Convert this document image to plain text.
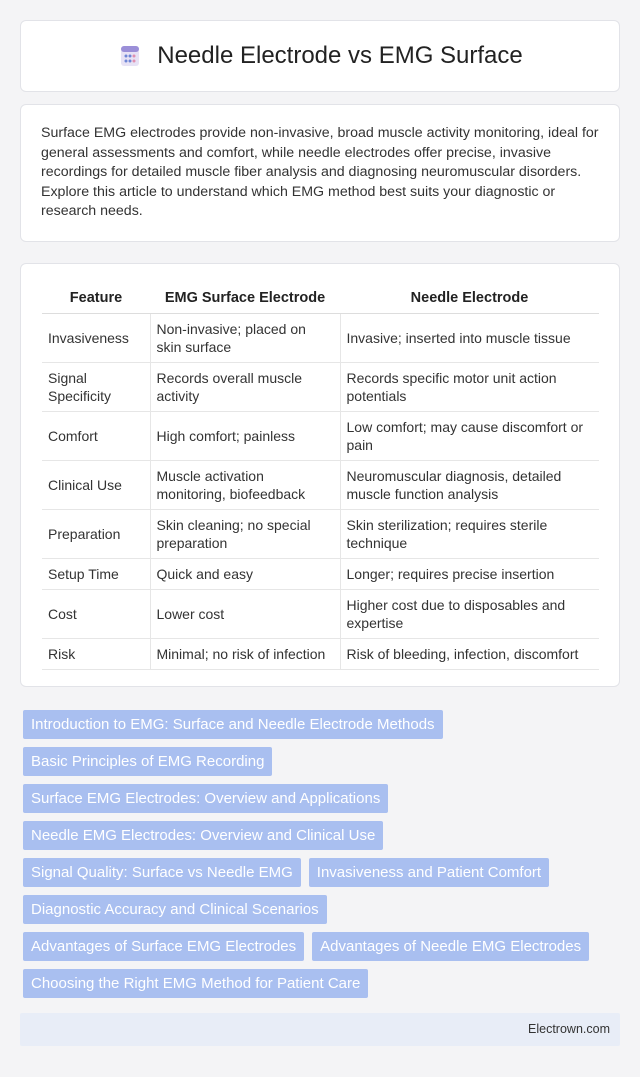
Needle Electrode vs EMG Surface

Surface EMG electrodes provide non-invasive, broad muscle activity monitoring, ideal for general assessments and comfort, while needle electrodes offer precise, invasive recordings for detailed muscle fiber analysis and diagnosing neuromuscular disorders. Explore this article to understand which EMG method best suits your diagnostic or research needs.

Feature	EMG Surface Electrode	Needle Electrode
Invasiveness	Non-invasive; placed on skin surface	Invasive; inserted into muscle tissue
Signal Specificity	Records overall muscle activity	Records specific motor unit action potentials
Comfort	High comfort; painless	Low comfort; may cause discomfort or pain
Clinical Use	Muscle activation monitoring, biofeedback	Neuromuscular diagnosis, detailed muscle function analysis
Preparation	Skin cleaning; no special preparation	Skin sterilization; requires sterile technique
Setup Time	Quick and easy	Longer; requires precise insertion
Cost	Lower cost	Higher cost due to disposables and expertise
Risk	Minimal; no risk of infection	Risk of bleeding, infection, discomfort
Introduction to EMG: Surface and Needle Electrode Methods
Basic Principles of EMG Recording
Surface EMG Electrodes: Overview and Applications
Needle EMG Electrodes: Overview and Clinical Use
Signal Quality: Surface vs Needle EMG	Invasiveness and Patient Comfort
Diagnostic Accuracy and Clinical Scenarios
Advantages of Surface EMG Electrodes	Advantages of Needle EMG Electrodes
Choosing the Right EMG Method for Patient Care
Electrown.com
